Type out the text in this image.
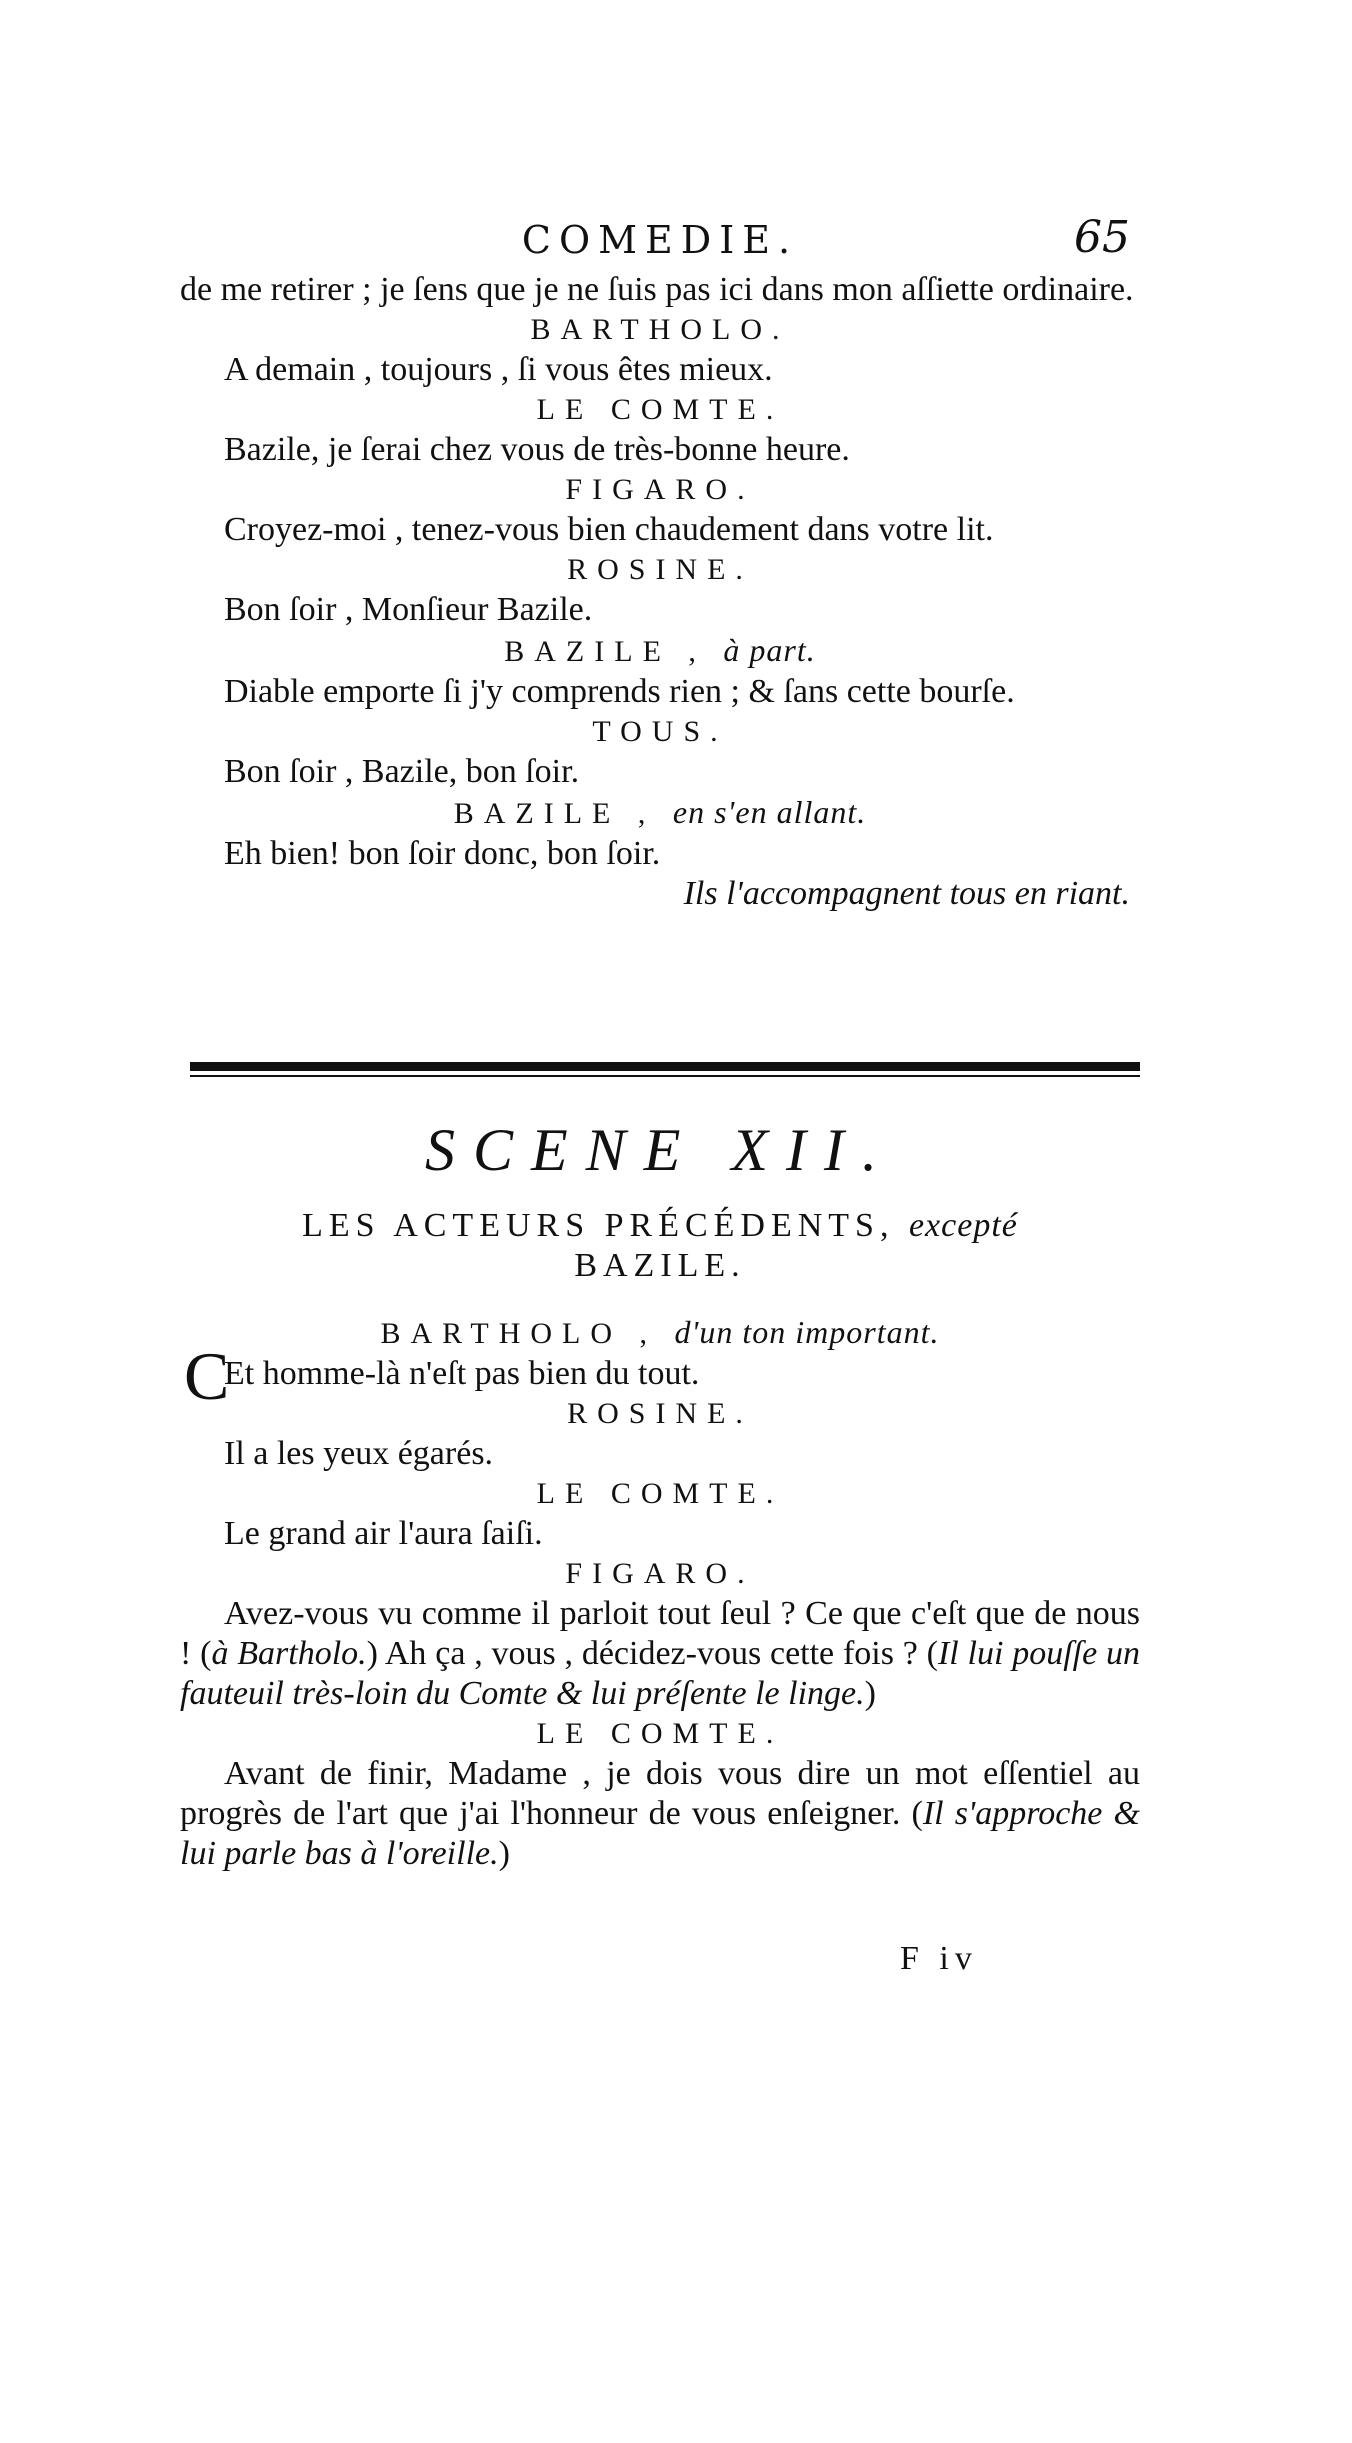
COMEDIE.	65

de me retirer ; je ſens que je ne ſuis pas ici dans mon aſſiette ordinaire.

BARTHOLO.

A demain , toujours , ſi vous êtes mieux.

LE COMTE.

Bazile, je ſerai chez vous de très-bonne heure.

FIGARO.

Croyez-moi , tenez-vous bien chaudement dans votre lit.

ROSINE.

Bon ſoir , Monſieur Bazile.

BAZILE , à part.

Diable emporte ſi j'y comprends rien ; & ſans cette bourſe.

TOUS.

Bon ſoir , Bazile, bon ſoir.

BAZILE , en s'en allant.

Eh bien! bon ſoir donc, bon ſoir.

Ils l'accompagnent tous en riant.

SCENE XII.

LES ACTEURS PRÉCÉDENTS, excepté

BAZILE.

BARTHOLO , d'un ton important.

C
Et homme-là n'eſt pas bien du tout.

ROSINE.

Il a les yeux égarés.

LE COMTE.

Le grand air l'aura ſaiſi.

FIGARO.

Avez-vous vu comme il parloit tout ſeul ? Ce que c'eſt que de nous ! (à Bartholo.) Ah ça , vous , décidez-vous cette fois ? (Il lui pouſſe un fauteuil très-loin du Comte & lui préſente le linge.)

LE COMTE.

Avant de finir, Madame , je dois vous dire un mot eſſentiel au progrès de l'art que j'ai l'honneur de vous enſeigner. (Il s'approche & lui parle bas à l'oreille.)

F iv
